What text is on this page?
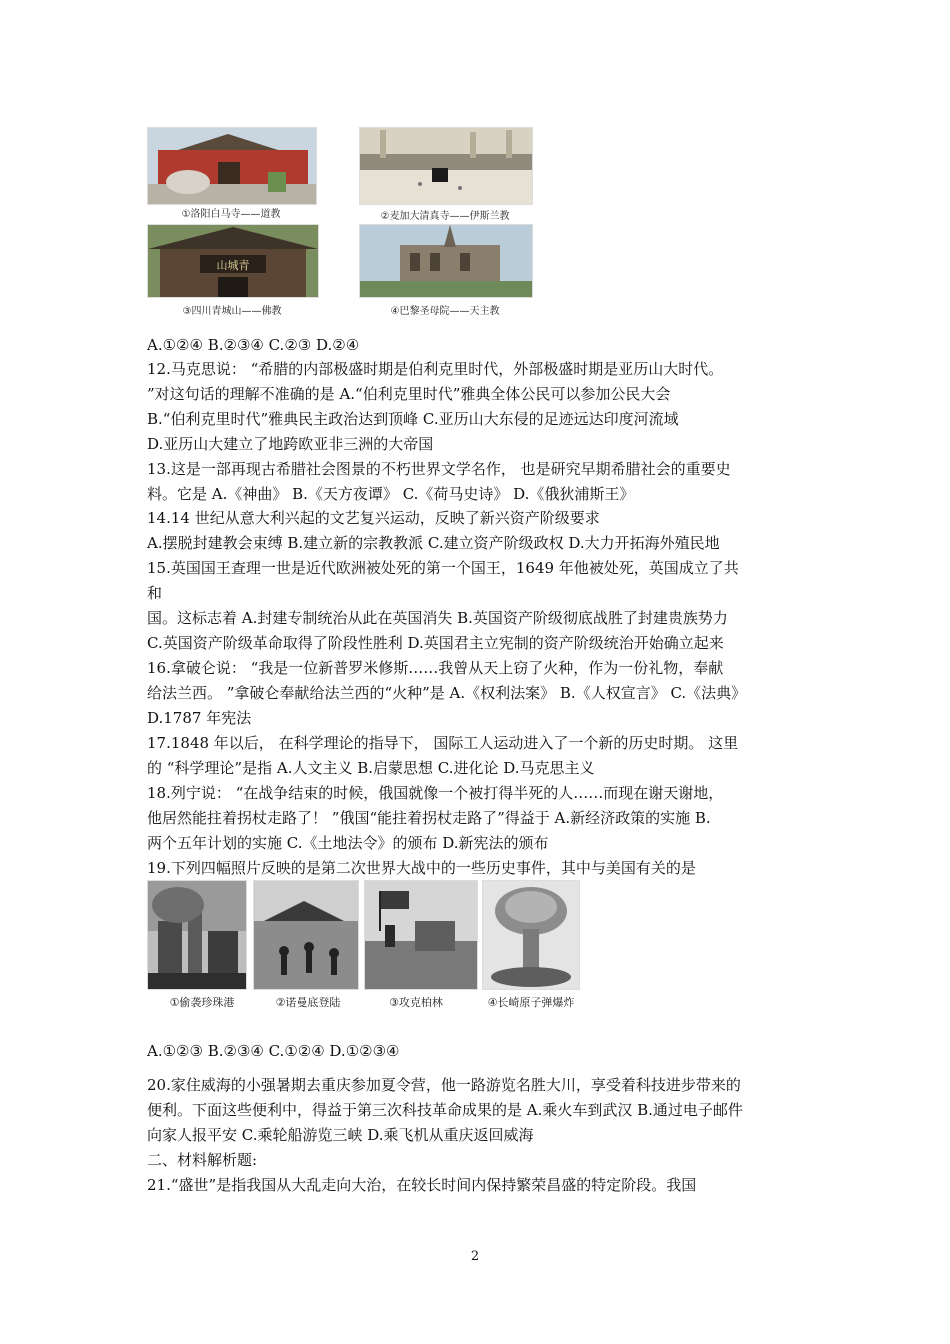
①洛阳白马寺——道教	②麦加大清真寺——伊斯兰教
山城青
③四川青城山——佛教	④巴黎圣母院——天主教
A.①②④ B.②③④ C.②③ D.②④
12.马克思说： “希腊的内部极盛时期是伯利克里时代，外部极盛时期是亚历山大时代。
”对这句话的理解不准确的是 A.“伯利克里时代”雅典全体公民可以参加公民大会
B.“伯利克里时代”雅典民主政治达到顶峰 C.亚历山大东侵的足迹远达印度河流域
D.亚历山大建立了地跨欧亚非三洲的大帝国
13.这是一部再现古希腊社会图景的不朽世界文学名作， 也是研究早期希腊社会的重要史
料。它是 A.《神曲》 B.《天方夜谭》 C.《荷马史诗》 D.《俄狄浦斯王》
14.14 世纪从意大利兴起的文艺复兴运动，反映了新兴资产阶级要求
A.摆脱封建教会束缚 B.建立新的宗教教派 C.建立资产阶级政权 D.大力开拓海外殖民地
15.英国国王查理一世是近代欧洲被处死的第一个国王，1649 年他被处死，英国成立了共
和
国。这标志着 A.封建专制统治从此在英国消失 B.英国资产阶级彻底战胜了封建贵族势力
C.英国资产阶级革命取得了阶段性胜利 D.英国君主立宪制的资产阶级统治开始确立起来
16.拿破仑说： “我是一位新普罗米修斯……我曾从天上窃了火种，作为一份礼物，奉献
给法兰西。 ”拿破仑奉献给法兰西的“火种”是 A.《权利法案》 B.《人权宣言》 C.《法典》
D.1787 年宪法
17.1848 年以后， 在科学理论的指导下， 国际工人运动进入了一个新的历史时期。 这里
的 “科学理论”是指 A.人文主义 B.启蒙思想 C.进化论 D.马克思主义
18.列宁说： “在战争结束的时候，俄国就像一个被打得半死的人……而现在谢天谢地，
他居然能拄着拐杖走路了！ ”俄国“能拄着拐杖走路了”得益于 A.新经济政策的实施 B.
两个五年计划的实施 C.《土地法令》的颁布 D.新宪法的颁布
19.下列四幅照片反映的是第二次世界大战中的一些历史事件，其中与美国有关的是
①偷袭珍珠港	②诺曼底登陆	③攻克柏林	④长崎原子弹爆炸
A.①②③ B.②③④ C.①②④ D.①②③④
20.家住威海的小强暑期去重庆参加夏令营，他一路游览名胜大川，享受着科技进步带来的
便利。下面这些便利中，得益于第三次科技革命成果的是 A.乘火车到武汉 B.通过电子邮件
向家人报平安 C.乘轮船游览三峡 D.乘飞机从重庆返回威海
二、材料解析题:
21.“盛世”是指我国从大乱走向大治，在较长时间内保持繁荣昌盛的特定阶段。我国
2
